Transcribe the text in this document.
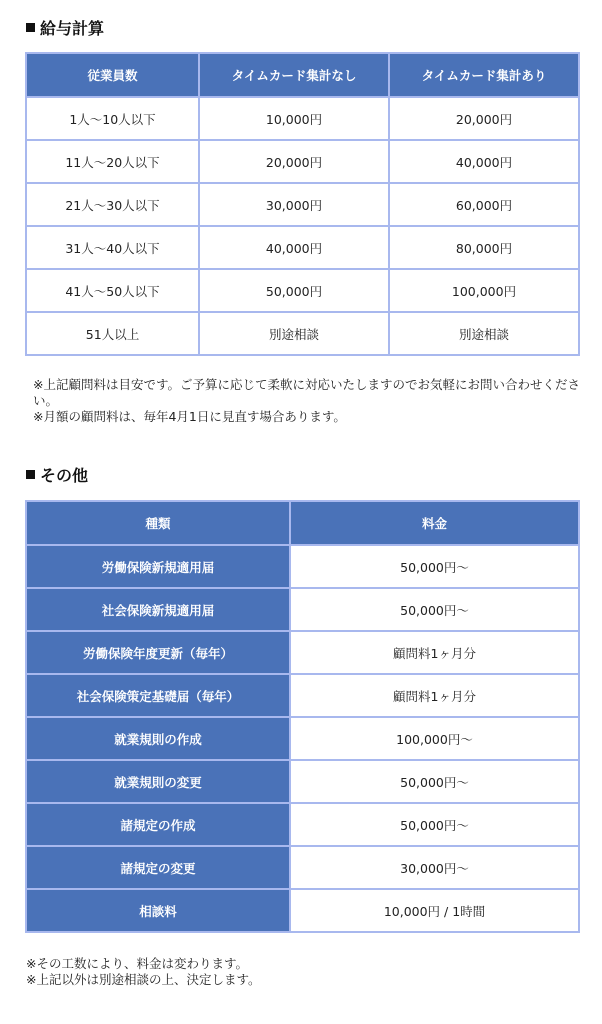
給与計算
従業員数	タイムカード集計なし	タイムカード集計あり
1人～10人以下	10,000円	20,000円
11人～20人以下	20,000円	40,000円
21人～30人以下	30,000円	60,000円
31人～40人以下	40,000円	80,000円
41人～50人以下	50,000円	100,000円
51人以上	別途相談	別途相談
※上記顧問料は目安です。ご予算に応じて柔軟に対応いたしますのでお気軽にお問い合わせください。
※月額の顧問料は、毎年4月1日に見直す場合あります。
その他
種類	料金
労働保険新規適用届	50,000円～
社会保険新規適用届	50,000円～
労働保険年度更新（毎年）	顧問料1ヶ月分
社会保険策定基礎届（毎年）	顧問料1ヶ月分
就業規則の作成	100,000円～
就業規則の変更	50,000円～
諸規定の作成	50,000円～
諸規定の変更	30,000円～
相談料	10,000円 / 1時間
※その工数により、料金は変わります。
※上記以外は別途相談の上、決定します。
